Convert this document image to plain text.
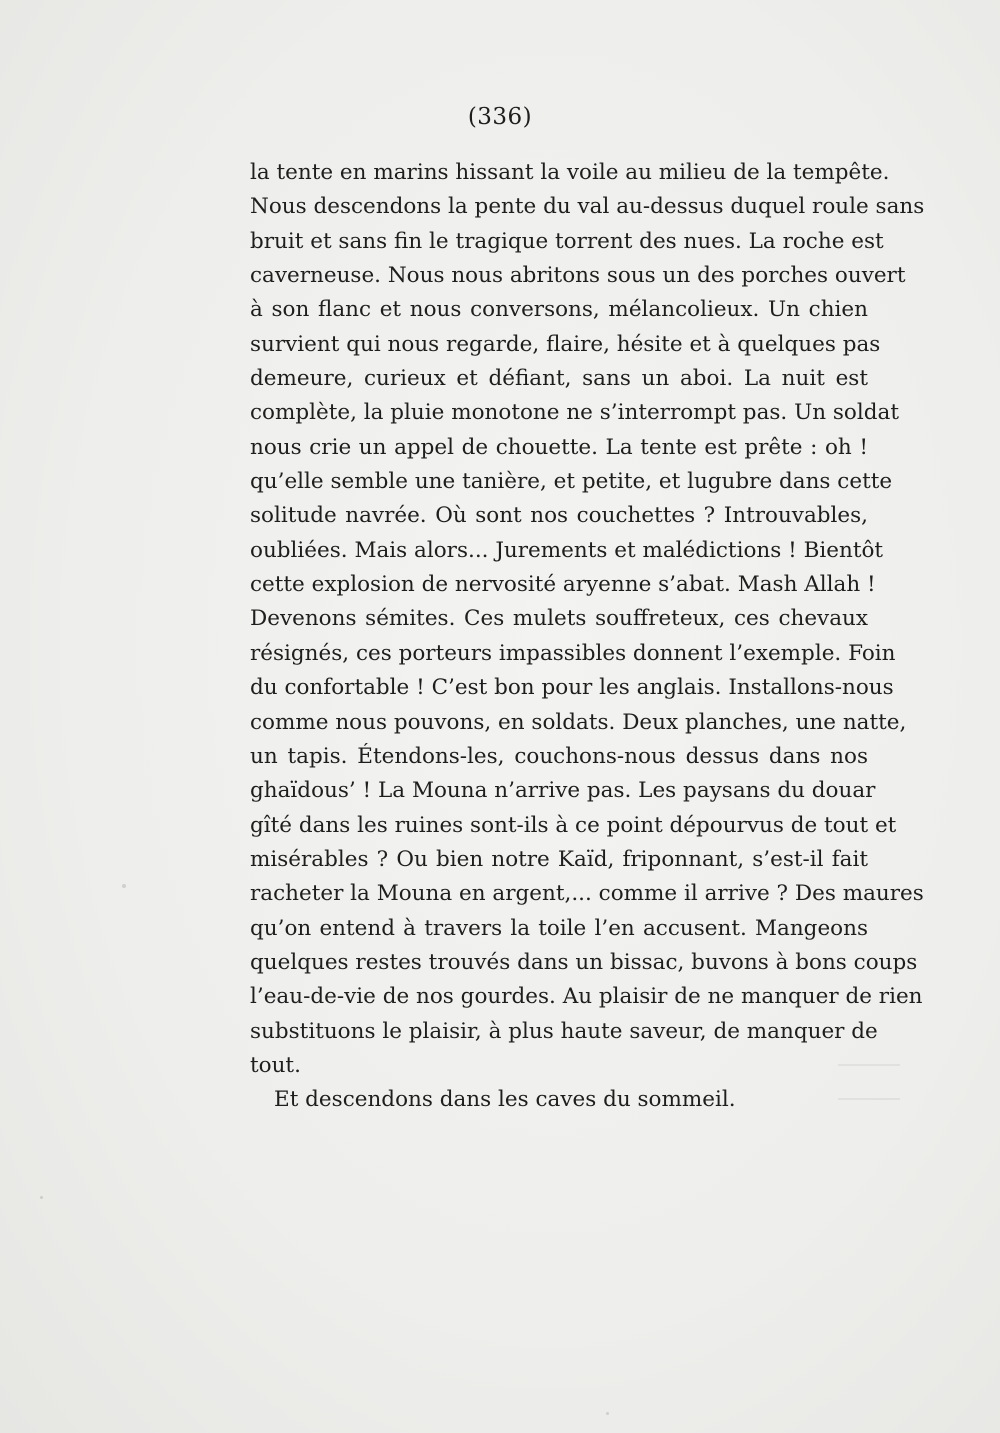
(336)
la tente en marins hissant la voile au milieu de la tempête.
Nous descendons la pente du val au-dessus duquel roule sans
bruit et sans fin le tragique torrent des nues. La roche est
caverneuse. Nous nous abritons sous un des porches ouvert
à son flanc et nous conversons, mélancolieux. Un chien
survient qui nous regarde, flaire, hésite et à quelques pas
demeure, curieux et défiant, sans un aboi. La nuit est
complète, la pluie monotone ne s’interrompt pas. Un soldat
nous crie un appel de chouette. La tente est prête : oh !
qu’elle semble une tanière, et petite, et lugubre dans cette
solitude navrée. Où sont nos couchettes ? Introuvables,
oubliées. Mais alors... Jurements et malédictions ! Bientôt
cette explosion de nervosité aryenne s’abat. Mash Allah !
Devenons sémites. Ces mulets souffreteux, ces chevaux
résignés, ces porteurs impassibles donnent l’exemple. Foin
du confortable ! C’est bon pour les anglais. Installons-nous
comme nous pouvons, en soldats. Deux planches, une natte,
un tapis. Étendons-les, couchons-nous dessus dans nos
ghaïdous’ ! La Mouna n’arrive pas. Les paysans du douar
gîté dans les ruines sont-ils à ce point dépourvus de tout et
misérables ? Ou bien notre Kaïd, friponnant, s’est-il fait
racheter la Mouna en argent,... comme il arrive ? Des maures
qu’on entend à travers la toile l’en accusent. Mangeons
quelques restes trouvés dans un bissac, buvons à bons coups
l’eau-de-vie de nos gourdes. Au plaisir de ne manquer de rien
substituons le plaisir, à plus haute saveur, de manquer de
tout.
Et descendons dans les caves du sommeil.
